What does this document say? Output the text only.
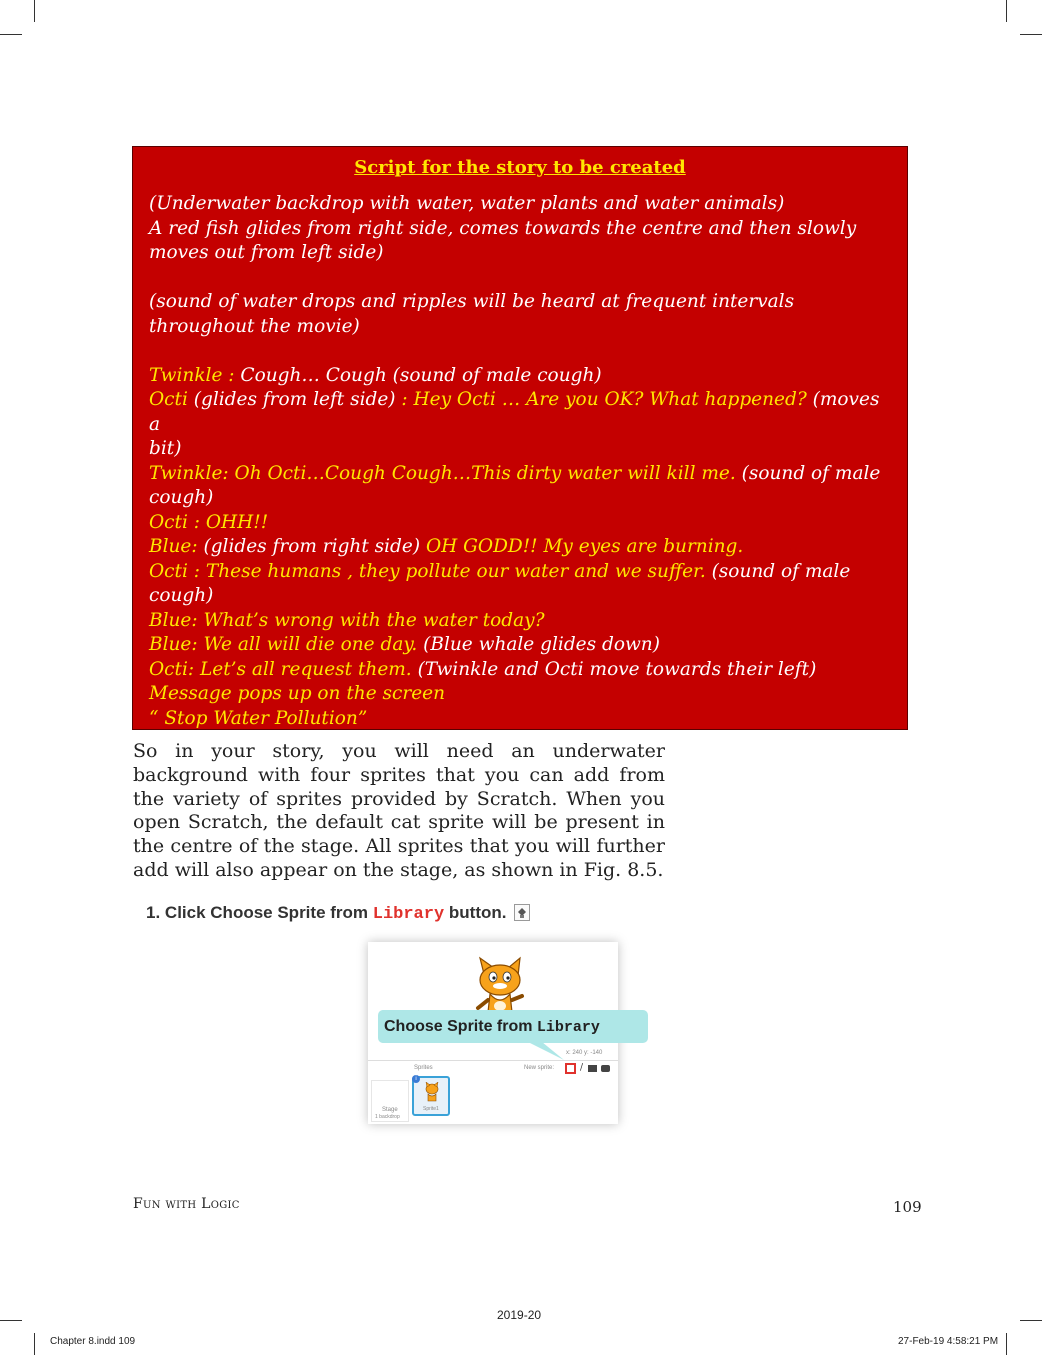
Script for the story to be created
(Underwater backdrop with water, water plants and water animals)
A red fish glides from right side, comes towards the centre and then slowly
moves out from left side)
(sound of water drops and ripples will be heard at frequent intervals
throughout the movie)
Twinkle : Cough… Cough (sound of male cough)
Octi (glides from left side) : Hey Octi … Are you OK? What happened? (moves a
bit)
Twinkle: Oh Octi…Cough Cough…This dirty water will kill me. (sound of male
cough)
Octi : OHH!!
Blue: (glides from right side) OH GODD!! My eyes are burning.
Octi : These humans , they pollute our water and we suffer. (sound of male
cough)
Blue: What’s wrong with the water today?
Blue: We all will die one day. (Blue whale glides down)
Octi: Let’s all request them. (Twinkle and Octi move towards their left)
Message pops up on the screen
“ Stop Water Pollution”
So in your story, you will need an underwater background with four sprites that you can add from the variety of sprites provided by Scratch. When you open Scratch, the default cat sprite will be present in the centre of the stage. All sprites that you will further add will also appear on the stage, as shown in Fig. 8.5.
1. Click Choose Sprite from Library button.
x: 240 y: -140
Sprites	New sprite:	/
Stage
1 backdrop
i
Sprite1
Choose Sprite from Library
Fun with Logic	109
2019-20
Chapter 8.indd 109	27-Feb-19 4:58:21 PM
